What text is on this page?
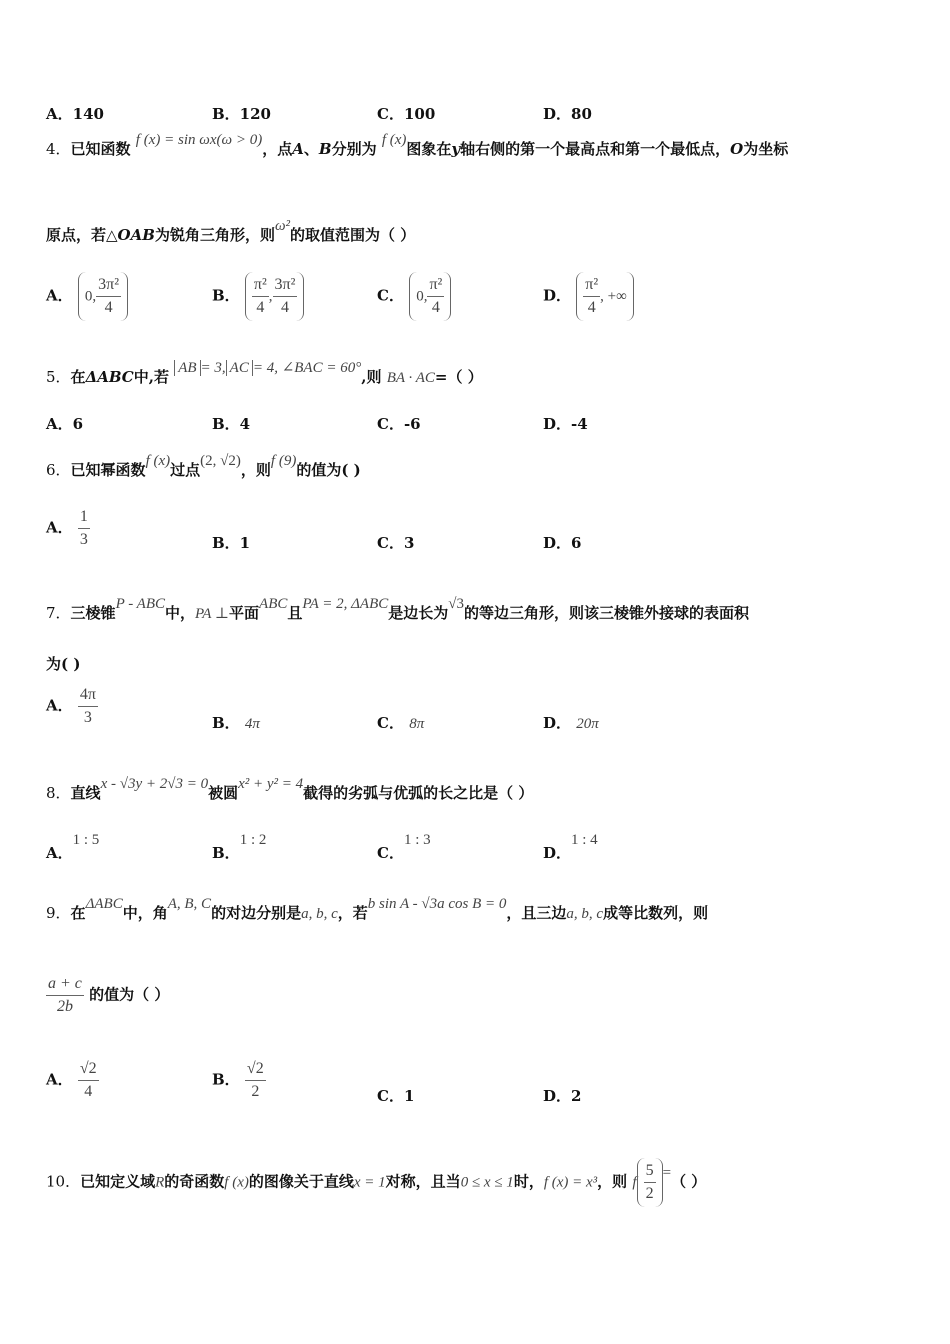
A．140	B．120	C．100	D．80
4．已知函数 f (x) = sin ωx(ω > 0)，点A、B分别为 f (x)图象在y轴右侧的第一个最高点和第一个最低点，O为坐标
原点，若△OAB为锐角三角形，则ω²的取值范围为（ ）
A． 0, $\frac{\text{3π²}}{4}$	B． $\frac{\text{π²}}{4}$ , $\frac{\text{3π²}}{4}$	C． 0, $\frac{\text{π²}}{4}$	D． $\frac{\text{π²}}{4}$ , +∞
5．在ΔABC中,若 AB = 3, AC = 4, ∠BAC = 60°,则 BA · AC=（ ）
A．6	B．4	C．-6	D．-4
6．已知幂函数f (x)过点(2, √2)，则f (9)的值为( )
A． $\frac{1}{3}$	B．1	C．3	D．6
7．三棱锥P - ABC中，PA ⊥平面ABC且PA = 2, ΔABC是边长为√3的等边三角形，则该三棱锥外接球的表面积
为( )
A． $\frac{4\pi}{3}$	B． 4π	C． 8π	D． 20π
8．直线x - √3y + 2√3 = 0被圆x² + y² = 4截得的劣弧与优弧的长之比是（ ）
A．1 : 5
B．1 : 2
C．1 : 3
D．1 : 4
9．在ΔABC中，角A, B, C的对边分别是a, b, c，若b sin A - √3a cos B = 0，且三边a, b, c成等比数列，则
$\frac{a + c}{2b}$ 的值为（ ）
A． $\frac{√2}{4}$	B． $\frac{√2}{2}$	C．1	D．2
10．已知定义域R的奇函数f (x)的图像关于直线x = 1对称，且当0 ≤ x ≤ 1时，f (x) = x³，则 f $\frac{5}{2}$ =（ ）
